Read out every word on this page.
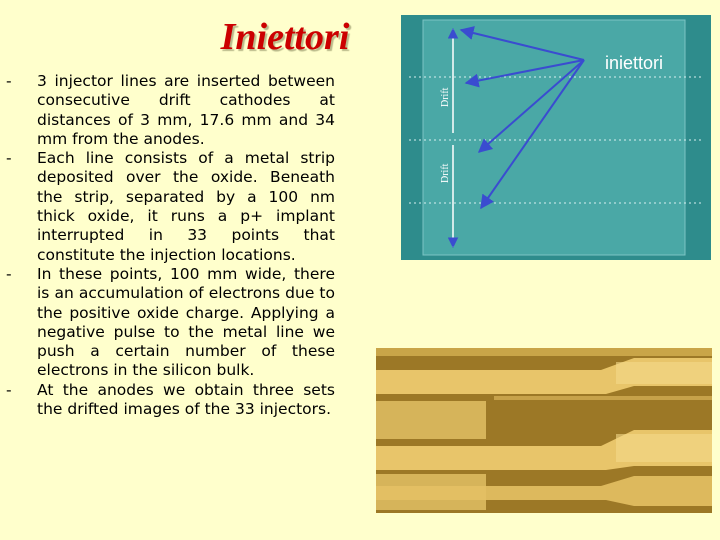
Iniettori
- 3 injector lines are inserted between consecutive drift cathodes at distances of 3 mm, 17.6 mm and 34 mm from the anodes.
- Each line consists of a metal strip deposited over the oxide. Beneath the strip, separated by a 100 nm thick oxide, it runs a p+ implant interrupted in 33 points that constitute the injection locations.
- In these points, 100 mm wide, there is an accumulation of electrons due to the positive oxide charge. Applying a negative pulse to the metal line we push a certain number of these electrons in the silicon bulk.
- At the anodes we obtain three sets the drifted images of the 33 injectors.
Drift
Drift
iniettori
